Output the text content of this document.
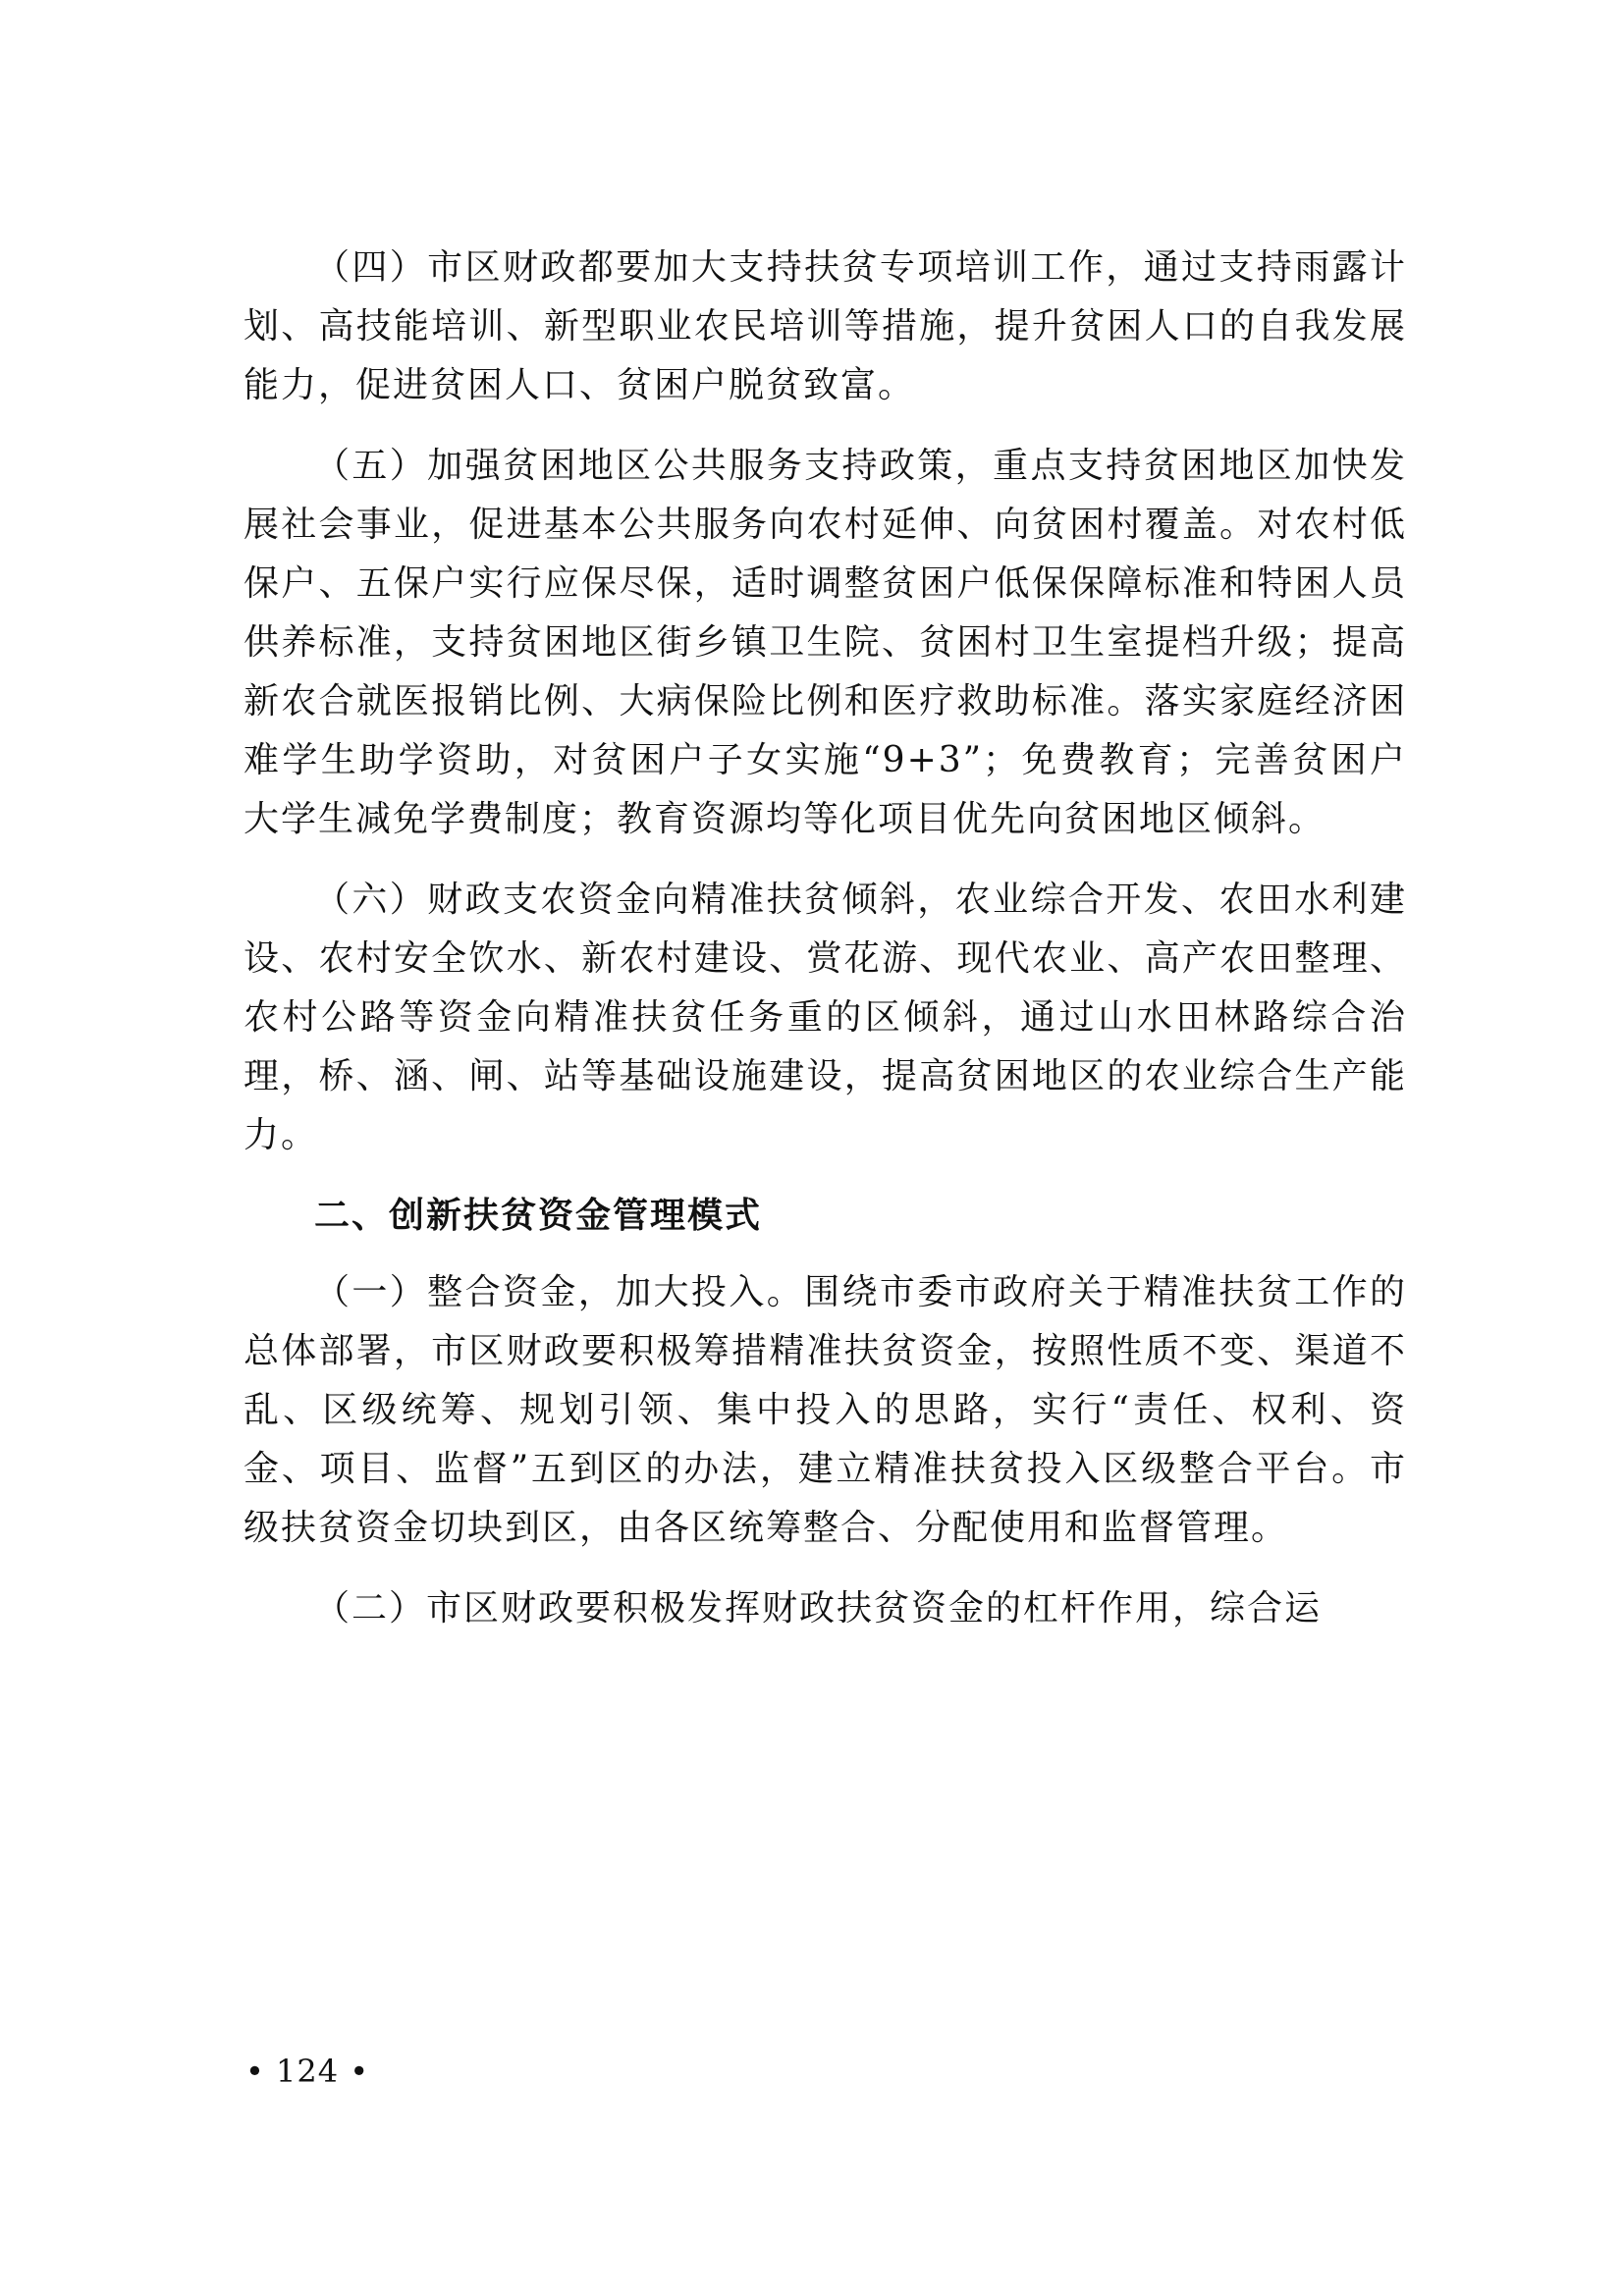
（四）市区财政都要加大支持扶贫专项培训工作，通过支持雨露计划、高技能培训、新型职业农民培训等措施，提升贫困人口的自我发展能力，促进贫困人口、贫困户脱贫致富。

（五）加强贫困地区公共服务支持政策，重点支持贫困地区加快发展社会事业，促进基本公共服务向农村延伸、向贫困村覆盖。对农村低保户、五保户实行应保尽保，适时调整贫困户低保保障标准和特困人员供养标准，支持贫困地区街乡镇卫生院、贫困村卫生室提档升级；提高新农合就医报销比例、大病保险比例和医疗救助标准。落实家庭经济困难学生助学资助，对贫困户子女实施“9+3”；免费教育；完善贫困户大学生减免学费制度；教育资源均等化项目优先向贫困地区倾斜。

（六）财政支农资金向精准扶贫倾斜，农业综合开发、农田水利建设、农村安全饮水、新农村建设、赏花游、现代农业、高产农田整理、农村公路等资金向精准扶贫任务重的区倾斜，通过山水田林路综合治理，桥、涵、闸、站等基础设施建设，提高贫困地区的农业综合生产能力。

二、创新扶贫资金管理模式

（一）整合资金，加大投入。围绕市委市政府关于精准扶贫工作的总体部署，市区财政要积极筹措精准扶贫资金，按照性质不变、渠道不乱、区级统筹、规划引领、集中投入的思路，实行“责任、权利、资金、项目、监督”五到区的办法，建立精准扶贫投入区级整合平台。市级扶贫资金切块到区，由各区统筹整合、分配使用和监督管理。

（二）市区财政要积极发挥财政扶贫资金的杠杆作用，综合运

• 124 •
